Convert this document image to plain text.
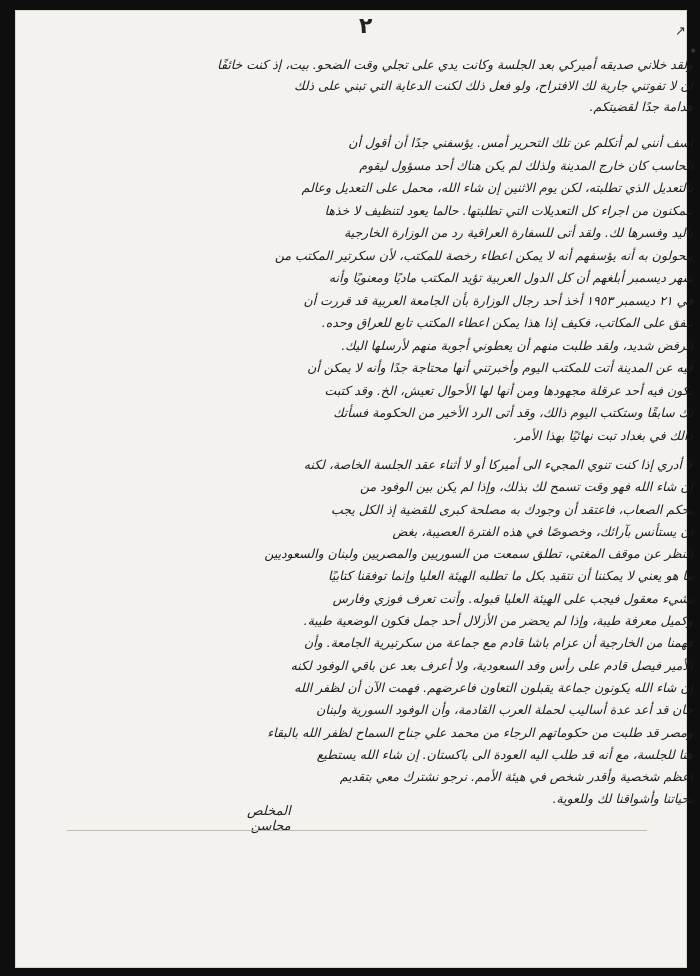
٢	↗
•

ولقد خلاني صديقه أميركي بعد الجلسة وكانت يدي على تجلي وقت الضحو. بيت، إذ كنت خائفًا

أن لا تفوتني جارية لك الافتراح، ولو فعل ذلك لكنت الدعاية التي تبني على ذلك

هدامة جدًا لقضيتكم.

آسف أنني لم أتكلم عن تلك التحرير أمس. يؤسفني جدًا أن أقول أن

الحاسب كان خارج المدينة ولذلك لم يكن هناك أحد مسؤول ليقوم

بالتعديل الذي تطلبته، لكن يوم الاثنين إن شاء الله، محمل على التعديل وعالم

بتمكنون من اجراء كل التعديلات التي تطلبتها. حالما يعود لتنظيف لا خذها

باليد وفسرها لك. ولقد أتى للسفارة العراقية رد من الوزارة الخارجية

يتحولون به أنه يؤسفهم أنه لا يمكن اعطاء رخصة للمكتب، لأن سكرتير المكتب من

شهر ديسمبر أبلغهم أن كل الدول العربية تؤيد المكتب ماديًا ومعنويًا وأنه

في ٢١ ديسمبر ١٩٥٣ أخذ أحد رجال الوزارة بأن الجامعة العربية قد قررت أن

تنفق على المكاتب، فكيف إذا هذا يمكن اعطاء المكتب تابع للعراق وحده.

الرفض شديد، ولقد طلبت منهم أن يعطوني أجوبة منهم لأرسلها اليك.

فيه عن المدينة أتت للمكتب اليوم وأخبرتني أنها محتاجة جدًا وأنه لا يمكن أن

تكون فيه أحد عرقلة مجهودها ومن أنها لها الأحوال تعيش، الخ. وقد كتبت

لك سابقًا وستكتب اليوم ذالك، وقد أتى الرد الأخير من الحكومة فسأتك

ذالك في بغداد تبت نهائيًا بهذا الأمر.

لا أدري إذا كنت تنوي المجيء الى أميركا أو لا أثناء عقد الجلسة الخاصة، لكنه

إن شاء الله فهو وقت تسمح لك بذلك، وإذا لم يكن بين الوفود من

يحكم الصعاب، فاعتقد أن وجودك به مصلحة كبرى للقضية إذ الكل يجب

أن يستأنس بآرائك، وخصوصًا في هذه الفترة العصيبة، بغض

النظر عن موقف المغتي، تطلق سمعت من السوريين والمصريين ولبنان والسعوديين

ما هو يعني لا يمكننا أن نتقيد بكل ما تطلبه الهيئة العليا وإنما توفقنا كتابيًا

بشيء معقول فيجب على الهيئة العليا قبوله. وأنت تعرف فوزي وفارس

وكميل معرفة طيبة، وإذا لم يحضر من الأزلال أحد جمل فكون الوضعية طيبة.

فهمنا من الخارجية أن عزام باشا قادم مع جماعة من سكرتيرية الجامعة. وأن

الأمير فيصل قادم على رأس وفد السعودية، ولا أعرف بعد عن باقي الوفود لكنه

إن شاء الله يكونون جماعة يقبلون التعاون فاعرضهم. فهمت الآن أن لظفر الله

خان قد أعد عدة أساليب لحملة العرب القادمة، وأن الوفود السورية ولبنان

ومصر قد طلبت من حكوماتهم الرجاء من محمد علي جناح السماح لظفر الله بالبقاء

هنا للجلسة، مع أنه قد طلب اليه العودة الى باكستان. إن شاء الله يستطيع

أعظم شخصية وأقدر شخص في هيئة الأمم. نرجو نشترك معي بتقديم

تحياتنا وأشواقنا لك وللعوية.

المخلص
محاسن
